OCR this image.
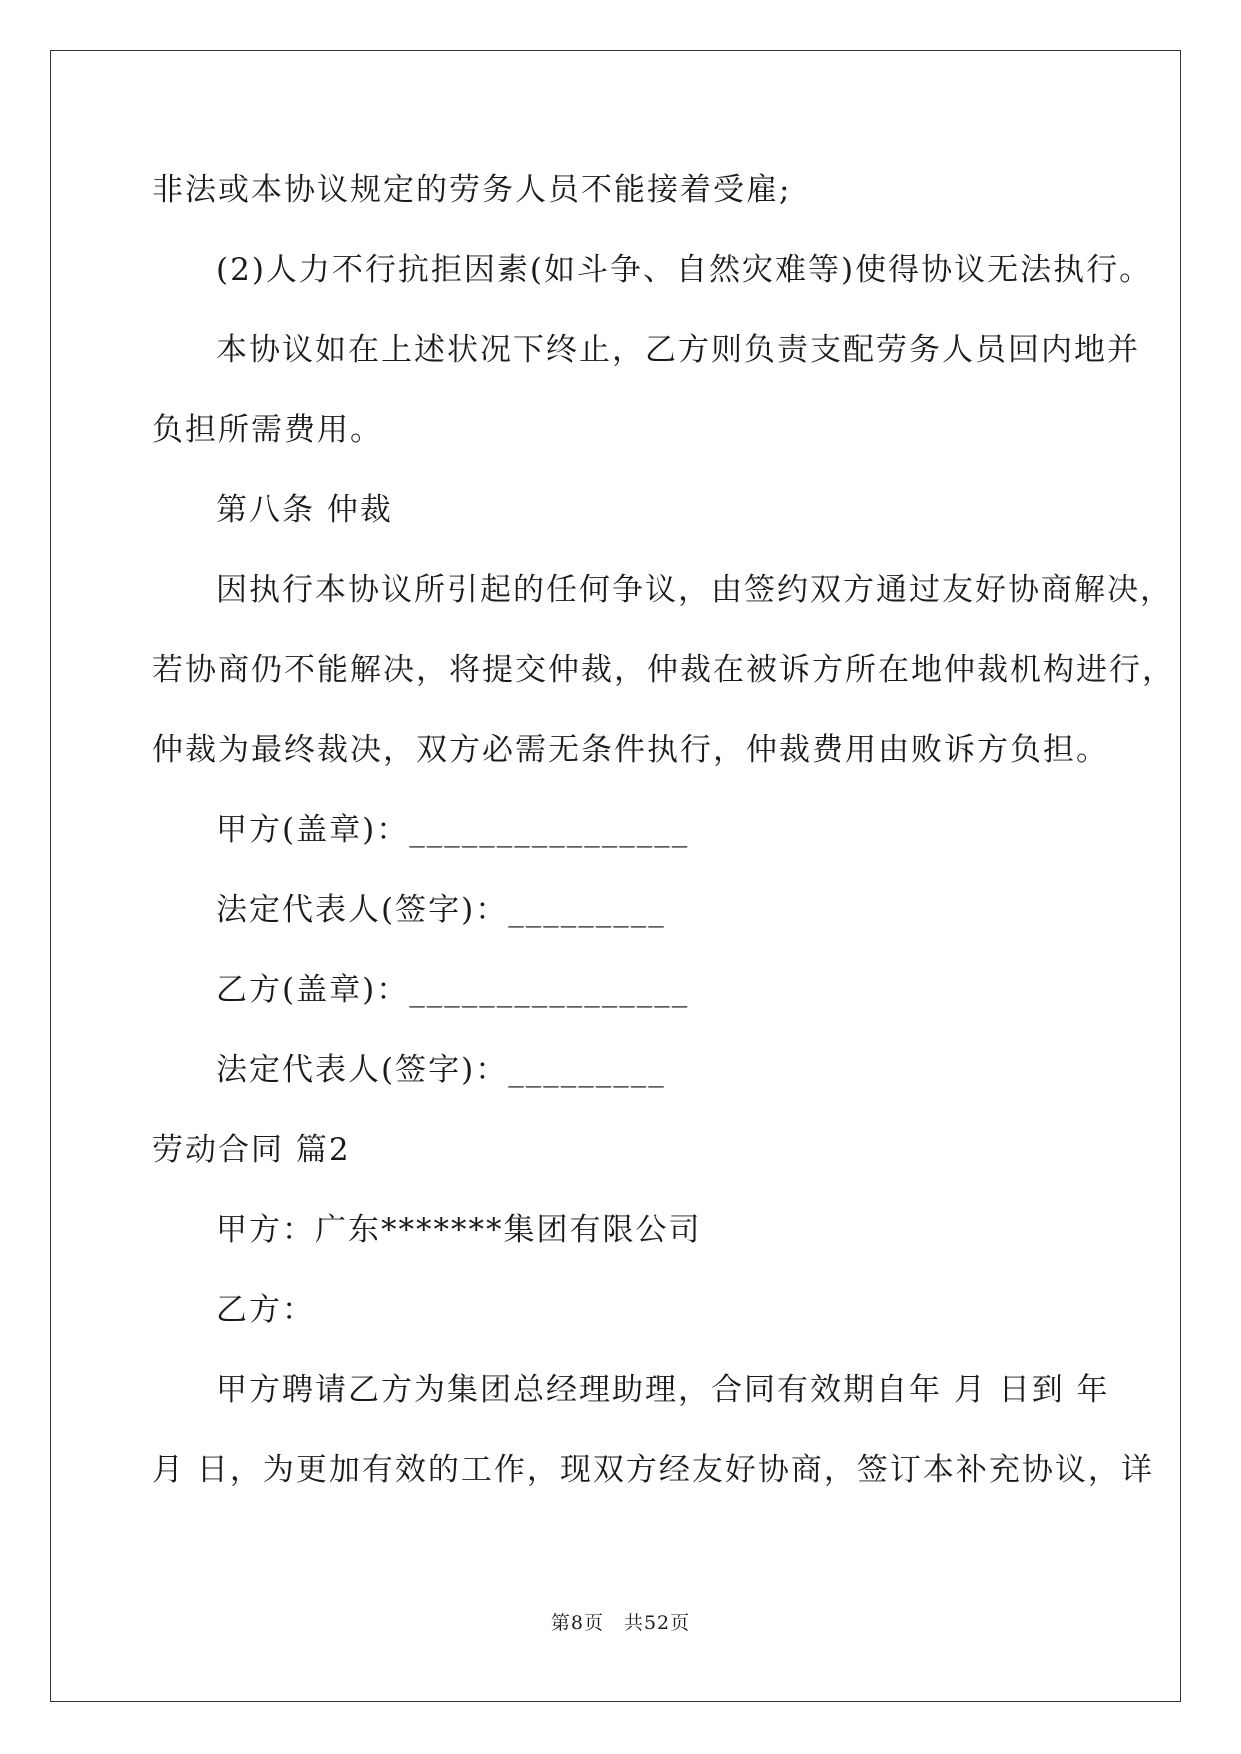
非法或本协议规定的劳务人员不能接着受雇;
(2)人力不行抗拒因素(如斗争、自然灾难等)使得协议无法执行。
本协议如在上述状况下终止，乙方则负责支配劳务人员回内地并
负担所需费用。
第八条 仲裁
因执行本协议所引起的任何争议，由签约双方通过友好协商解决，
若协商仍不能解决，将提交仲裁，仲裁在被诉方所在地仲裁机构进行，
仲裁为最终裁决，双方必需无条件执行，仲裁费用由败诉方负担。
甲方(盖章)：________________
法定代表人(签字)：_________
乙方(盖章)：________________
法定代表人(签字)：_________
劳动合同 篇2
甲方：广东*******集团有限公司
乙方：
甲方聘请乙方为集团总经理助理，合同有效期自年 月 日到 年
月 日，为更加有效的工作，现双方经友好协商，签订本补充协议，详
第8页　共52页
